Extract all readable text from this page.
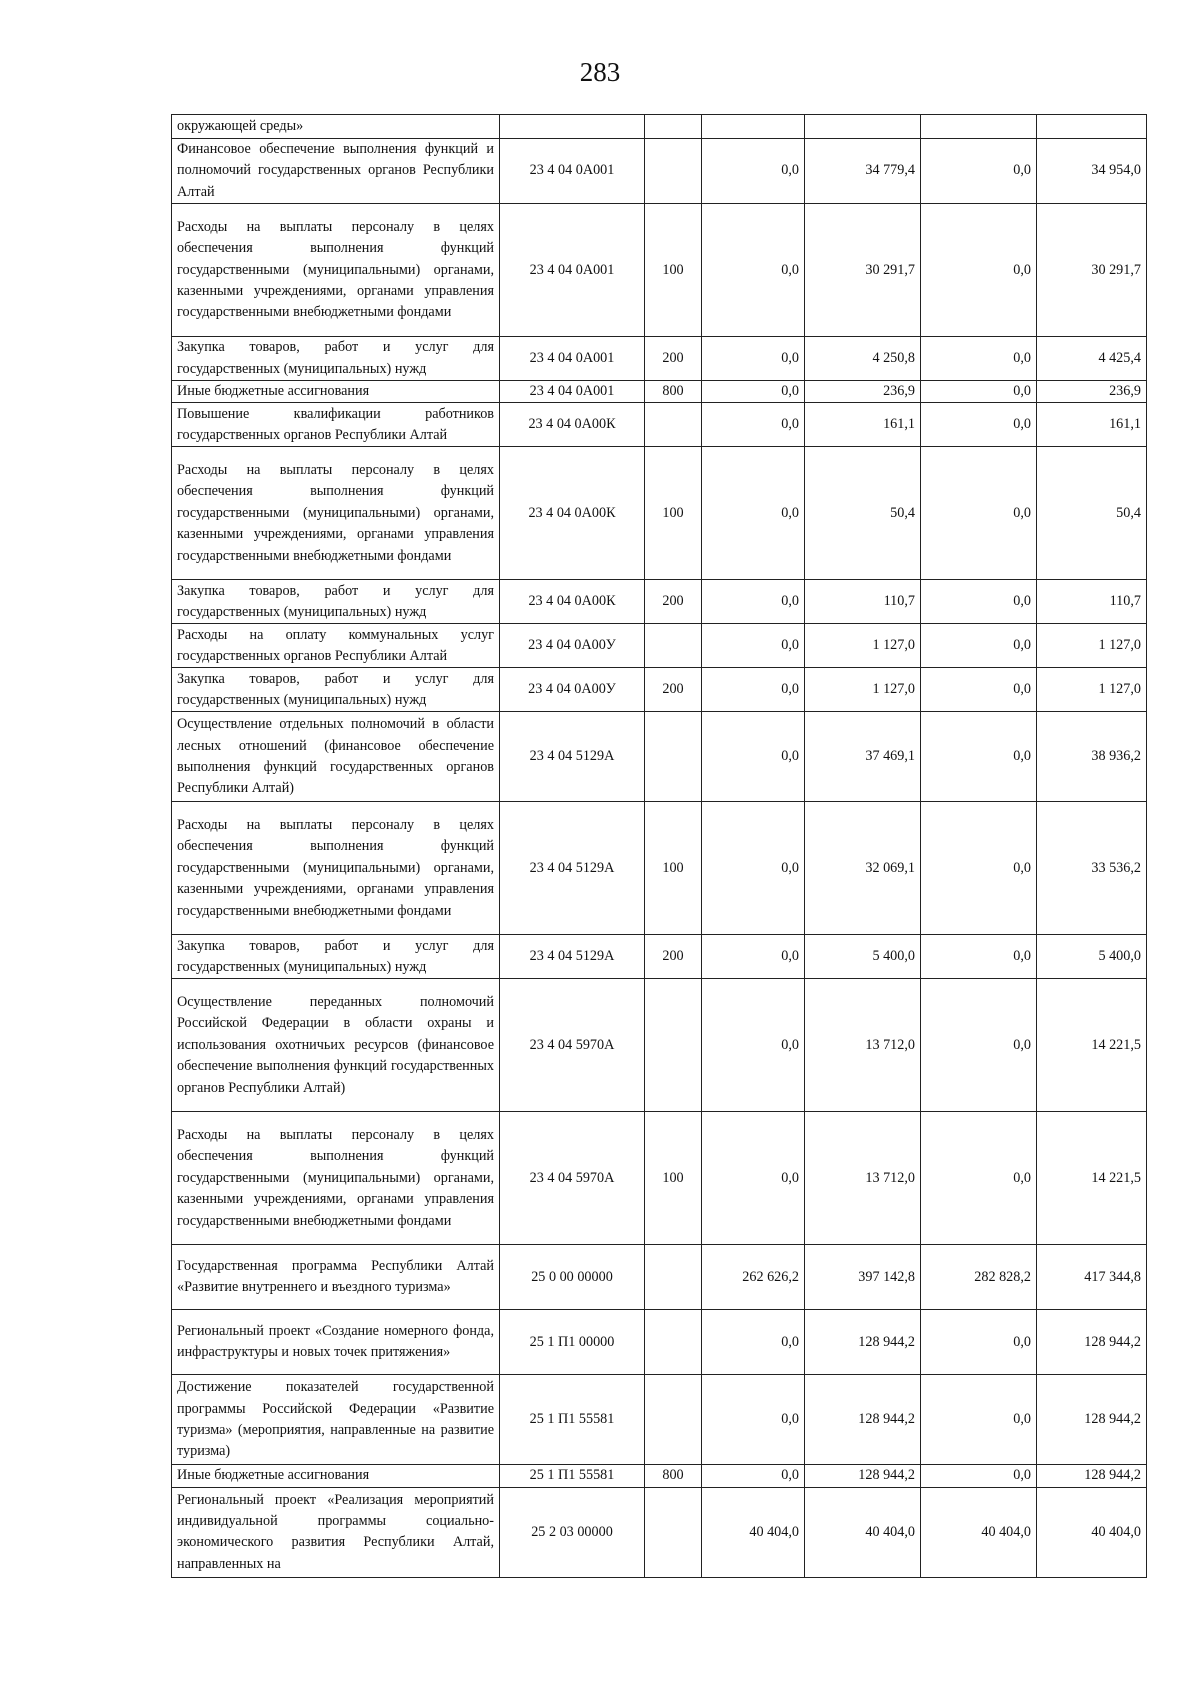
283
окружающей среды»						
Финансовое обеспечение выполнения функций и полномочий государственных органов Республики Алтай	23 4 04 0А001		0,0	34 779,4	0,0	34 954,0
Расходы на выплаты персоналу в целях обеспечения выполнения функций государственными (муниципальными) органами, казенными учреждениями, органами управления государственными внебюджетными фондами	23 4 04 0А001	100	0,0	30 291,7	0,0	30 291,7
Закупка товаров, работ и услуг для государственных (муниципальных) нужд	23 4 04 0А001	200	0,0	4 250,8	0,0	4 425,4
Иные бюджетные ассигнования	23 4 04 0А001	800	0,0	236,9	0,0	236,9
Повышение квалификации работников государственных органов Республики Алтай	23 4 04 0А00К		0,0	161,1	0,0	161,1
Расходы на выплаты персоналу в целях обеспечения выполнения функций государственными (муниципальными) органами, казенными учреждениями, органами управления государственными внебюджетными фондами	23 4 04 0А00К	100	0,0	50,4	0,0	50,4
Закупка товаров, работ и услуг для государственных (муниципальных) нужд	23 4 04 0А00К	200	0,0	110,7	0,0	110,7
Расходы на оплату коммунальных услуг государственных органов Республики Алтай	23 4 04 0А00У		0,0	1 127,0	0,0	1 127,0
Закупка товаров, работ и услуг для государственных (муниципальных) нужд	23 4 04 0А00У	200	0,0	1 127,0	0,0	1 127,0
Осуществление отдельных полномочий в области лесных отношений (финансовое обеспечение выполнения функций государственных органов Республики Алтай)	23 4 04 5129А		0,0	37 469,1	0,0	38 936,2
Расходы на выплаты персоналу в целях обеспечения выполнения функций государственными (муниципальными) органами, казенными учреждениями, органами управления государственными внебюджетными фондами	23 4 04 5129А	100	0,0	32 069,1	0,0	33 536,2
Закупка товаров, работ и услуг для государственных (муниципальных) нужд	23 4 04 5129А	200	0,0	5 400,0	0,0	5 400,0
Осуществление переданных полномочий Российской Федерации в области охраны и использования охотничьих ресурсов (финансовое обеспечение выполнения функций государственных органов Республики Алтай)	23 4 04 5970А		0,0	13 712,0	0,0	14 221,5
Расходы на выплаты персоналу в целях обеспечения выполнения функций государственными (муниципальными) органами, казенными учреждениями, органами управления государственными внебюджетными фондами	23 4 04 5970А	100	0,0	13 712,0	0,0	14 221,5
Государственная программа Республики Алтай «Развитие внутреннего и въездного туризма»	25 0 00 00000		262 626,2	397 142,8	282 828,2	417 344,8
Региональный проект «Создание номерного фонда, инфраструктуры и новых точек притяжения»	25 1 П1 00000		0,0	128 944,2	0,0	128 944,2
Достижение показателей государственной программы Российской Федерации «Развитие туризма» (мероприятия, направленные на развитие туризма)	25 1 П1 55581		0,0	128 944,2	0,0	128 944,2
Иные бюджетные ассигнования	25 1 П1 55581	800	0,0	128 944,2	0,0	128 944,2
Региональный проект «Реализация мероприятий индивидуальной программы социально-экономического развития Республики Алтай, направленных на	25 2 03 00000		40 404,0	40 404,0	40 404,0	40 404,0
